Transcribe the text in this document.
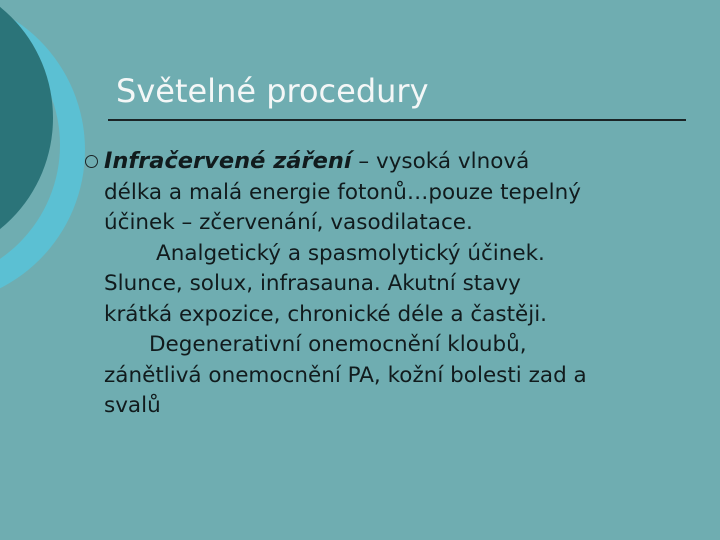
Světelné procedury
Infračervené záření – vysoká vlnová
délka a malá energie fotonů…pouze tepelný
účinek – zčervenání, vasodilatace.
Analgetický a spasmolytický účinek.
Slunce, solux, infrasauna. Akutní stavy
krátká expozice, chronické déle a častěji.
Degenerativní onemocnění kloubů,
zánětlivá onemocnění PA, kožní bolesti zad a
svalů
